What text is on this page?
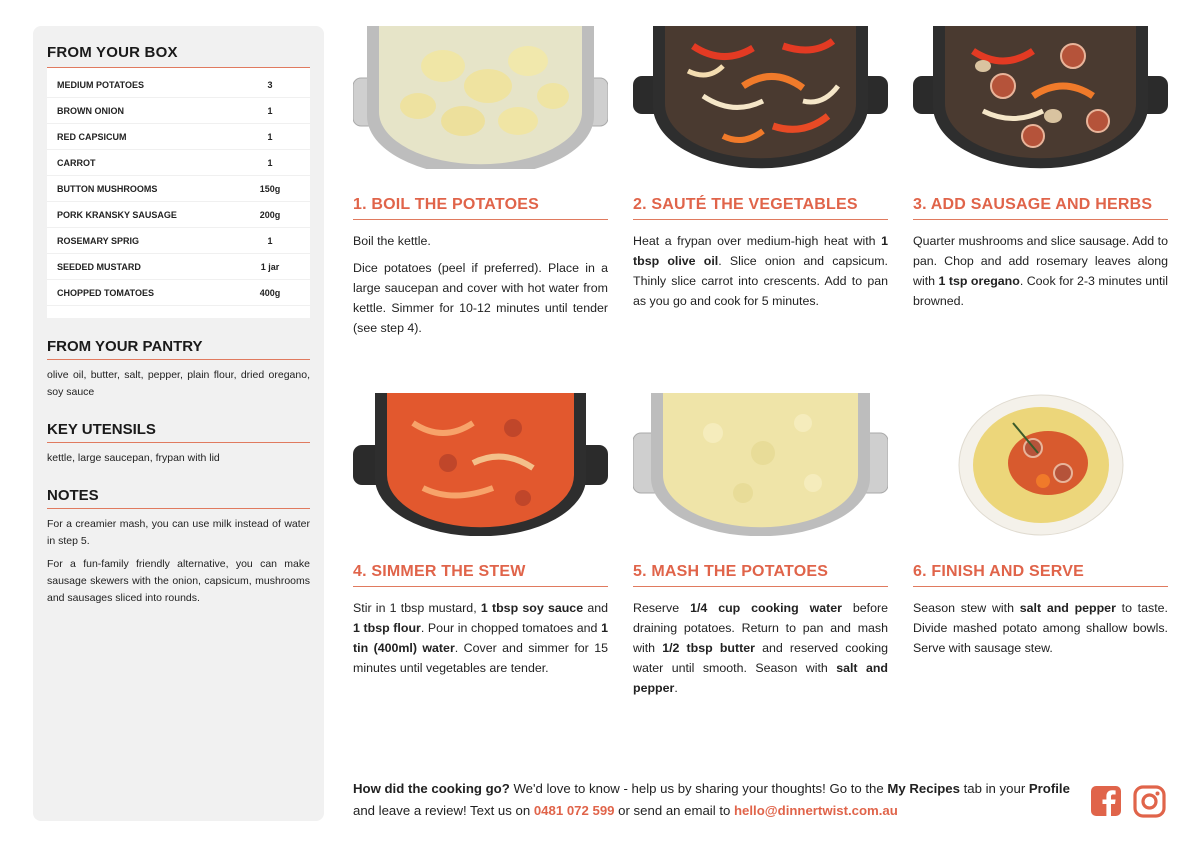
FROM YOUR BOX
MEDIUM POTATOES	3
BROWN ONION	1
RED CAPSICUM	1
CARROT	1
BUTTON MUSHROOMS	150g
PORK KRANSKY SAUSAGE	200g
ROSEMARY SPRIG	1
SEEDED MUSTARD	1 jar
CHOPPED TOMATOES	400g
FROM YOUR PANTRY

olive oil, butter, salt, pepper, plain flour, dried oregano, soy sauce

KEY UTENSILS

kettle, large saucepan, frypan with lid

NOTES

For a creamier mash, you can use milk instead of water in step 5.

For a fun-family friendly alternative, you can make sausage skewers with the onion, capsicum, mushrooms and sausages sliced into rounds.

1. BOIL THE POTATOES

Boil the kettle.

Dice potatoes (peel if preferred). Place in a large saucepan and cover with hot water from kettle. Simmer for 10-12 minutes until tender (see step 4).

2. SAUTÉ THE VEGETABLES

Heat a frypan over medium-high heat with 1 tbsp olive oil. Slice onion and capsicum. Thinly slice carrot into crescents. Add to pan as you go and cook for 5 minutes.

3. ADD SAUSAGE AND HERBS

Quarter mushrooms and slice sausage. Add to pan. Chop and add rosemary leaves along with 1 tsp oregano. Cook for 2-3 minutes until browned.

4. SIMMER THE STEW

Stir in 1 tbsp mustard, 1 tbsp soy sauce and 1 tbsp flour. Pour in chopped tomatoes and 1 tin (400ml) water. Cover and simmer for 15 minutes until vegetables are tender.

5. MASH THE POTATOES

Reserve 1/4 cup cooking water before draining potatoes. Return to pan and mash with 1/2 tbsp butter and reserved cooking water until smooth. Season with salt and pepper.

6. FINISH AND SERVE

Season stew with salt and pepper to taste. Divide mashed potato among shallow bowls. Serve with sausage stew.

How did the cooking go? We'd love to know - help us by sharing your thoughts! Go to the My Recipes tab in your Profile and leave a review! Text us on 0481 072 599 or send an email to hello@dinnertwist.com.au
